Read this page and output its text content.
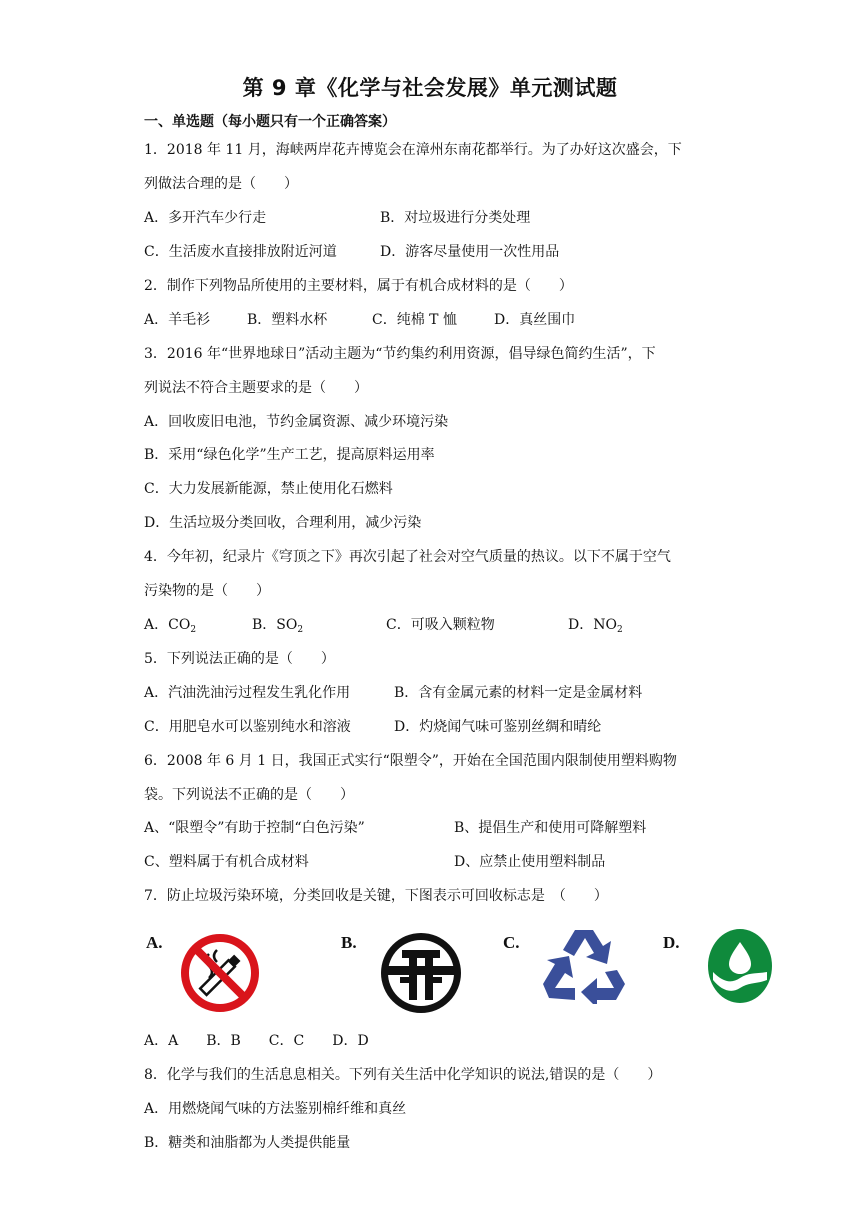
第 9 章《化学与社会发展》单元测试题
一、单选题（每小题只有一个正确答案）
1．2018 年 11 月，海峡两岸花卉博览会在漳州东南花都举行。为了办好这次盛会，下
列做法合理的是（　　）
A．多开汽车少行走	B．对垃圾进行分类处理
C．生活废水直接排放附近河道	D．游客尽量使用一次性用品
2．制作下列物品所使用的主要材料，属于有机合成材料的是（　　）
A．羊毛衫	B．塑料水杯	C．纯棉 T 恤	D．真丝围巾
3．2016 年“世界地球日”活动主题为“节约集约利用资源，倡导绿色简约生活”，下
列说法不符合主题要求的是（　　）
A．回收废旧电池，节约金属资源、减少环境污染
B．采用“绿色化学”生产工艺，提高原料运用率
C．大力发展新能源，禁止使用化石燃料
D．生活垃圾分类回收，合理利用，减少污染
4．今年初，纪录片《穹顶之下》再次引起了社会对空气质量的热议。以下不属于空气
污染物的是（　　）
A．$CO_2$	B．$SO_2$	C．可吸入颗粒物	D．$NO_2$
5．下列说法正确的是（　　）
A．汽油洗油污过程发生乳化作用	B．含有金属元素的材料一定是金属材料
C．用肥皂水可以鉴别纯水和溶液	D．灼烧闻气味可鉴别丝绸和晴纶
6．2008 年 6 月 1 日，我国正式实行“限塑令”，开始在全国范围内限制使用塑料购物
袋。下列说法不正确的是（　　）
A、“限塑令”有助于控制“白色污染”	B、提倡生产和使用可降解塑料
C、塑料属于有机合成材料	D、应禁止使用塑料制品
7．防止垃圾污染环境，分类回收是关键，下图表示可回收标志是　（　　）
A.	B.	C.	D.
A．A　　B．B　　C．C　　D．D
8．化学与我们的生活息息相关。下列有关生活中化学知识的说法,错误的是（　　）
A．用燃烧闻气味的方法鉴别棉纤维和真丝
B．糖类和油脂都为人类提供能量
